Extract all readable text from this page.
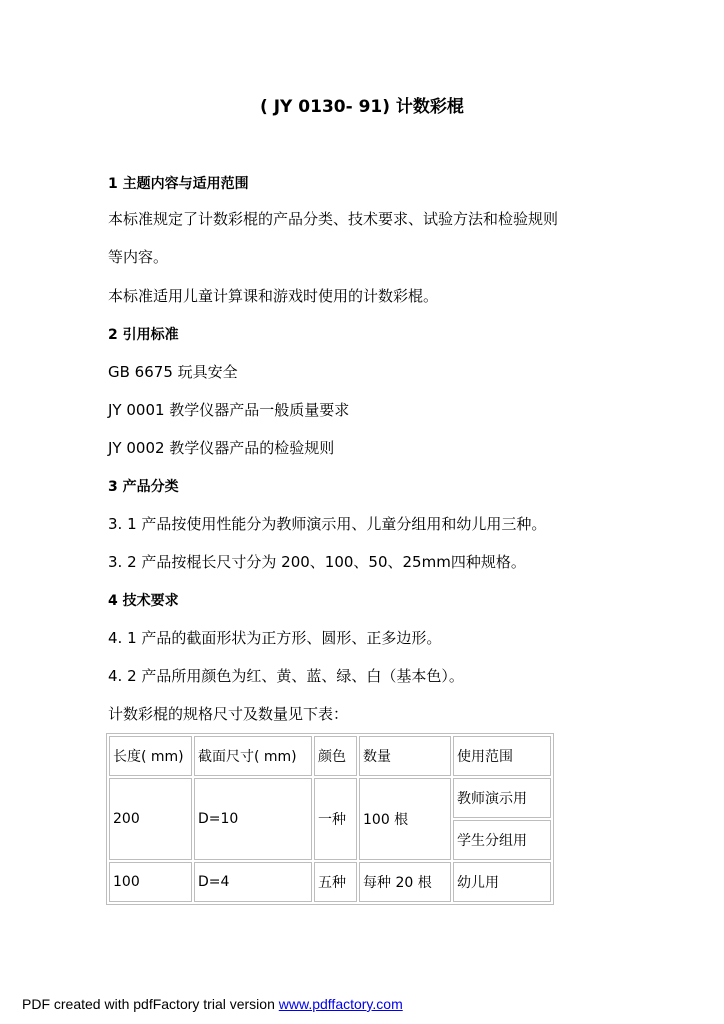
( JY 0130- 91) 计数彩棍
1 主题内容与适用范围
本标准规定了计数彩棍的产品分类、技术要求、试验方法和检验规则
等内容。
本标准适用儿童计算课和游戏时使用的计数彩棍。
2 引用标准
GB 6675 玩具安全
JY 0001 教学仪器产品一般质量要求
JY 0002 教学仪器产品的检验规则
3 产品分类
3. 1 产品按使用性能分为教师演示用、儿童分组用和幼儿用三种。
3. 2 产品按棍长尺寸分为 200、100、50、25mm四种规格。
4 技术要求
4. 1 产品的截面形状为正方形、圆形、正多边形。
4. 2 产品所用颜色为红、黄、蓝、绿、白（基本色）。
计数彩棍的规格尺寸及数量见下表：
长度( mm)	截面尺寸( mm)	颜色	数量	使用范围
200	D=10	一种	100 根	教师演示用
				学生分组用
100	D=4	五种	每种 20 根	幼儿用
PDF created with pdfFactory trial version www.pdffactory.com
